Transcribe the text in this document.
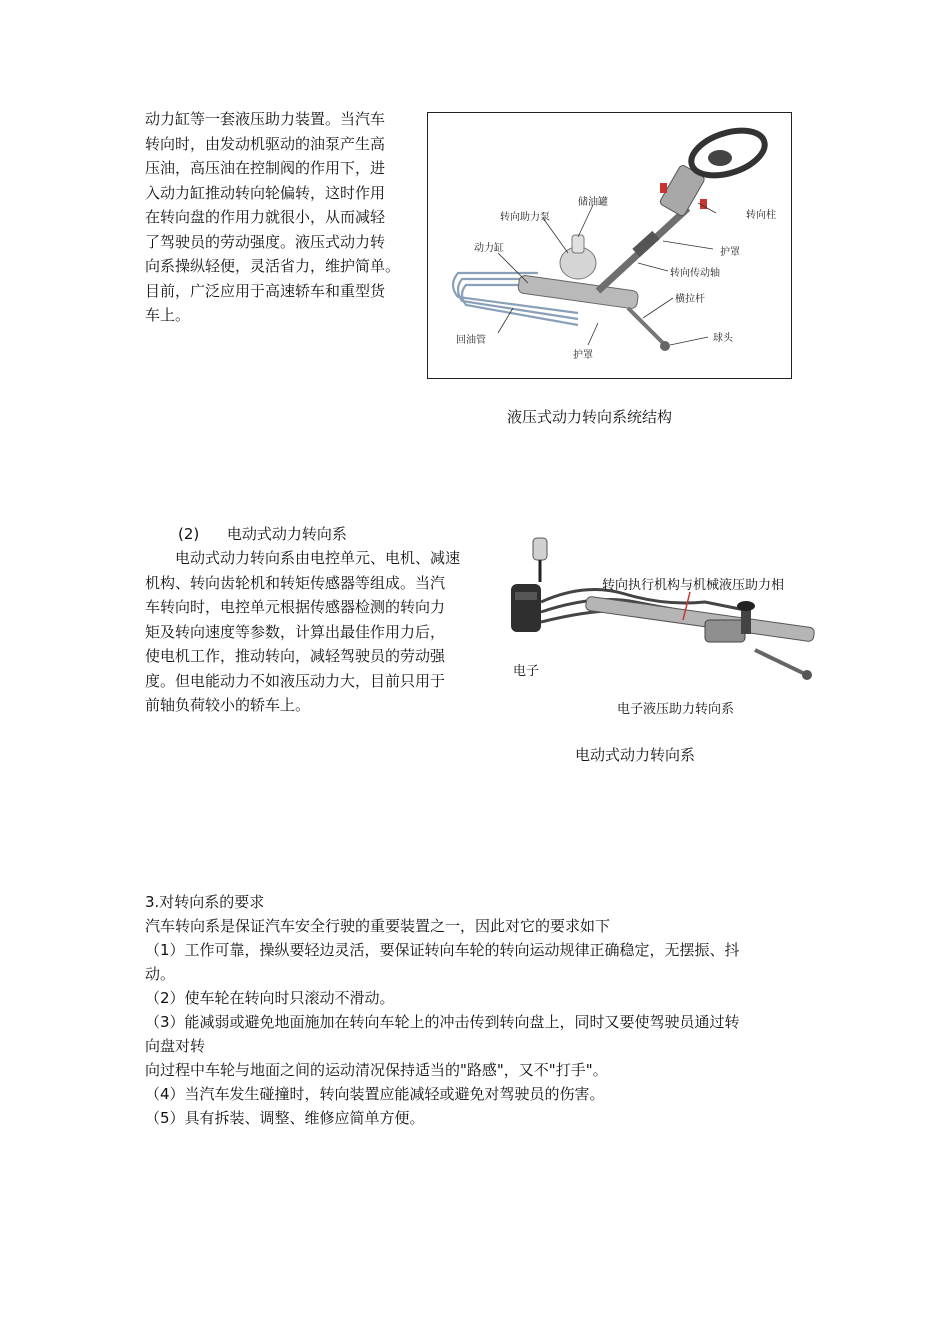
动力缸等一套液压助力装置。当汽车
转向时，由发动机驱动的油泵产生高
压油，高压油在控制阀的作用下，进
入动力缸推动转向轮偏转，这时作用
在转向盘的作用力就很小，从而减轻
了驾驶员的劳动强度。液压式动力转
向系操纵轻便，灵活省力，维护简单。
目前，广泛应用于高速轿车和重型货
车上。
储油罐
转向助力泵	转向柱
动力缸	护罩
转向传动轴
横拉杆
回油管	球头
护罩
液压式动力转向系统结构
(2) 电动式动力转向系
电动式动力转向系由电控单元、电机、减速
机构、转向齿轮机和转矩传感器等组成。当汽
车转向时，电控单元根据传感器检测的转向力
矩及转向速度等参数，计算出最佳作用力后，
使电机工作，推动转向，减轻驾驶员的劳动强
度。但电能动力不如液压动力大，目前只用于
前轴负荷较小的轿车上。
转向执行机构与机械液压助力相
电子
电子液压助力转向系
电动式动力转向系
3.对转向系的要求
汽车转向系是保证汽车安全行驶的重要装置之一，因此对它的要求如下
（1）工作可靠，操纵要轻边灵活，要保证转向车轮的转向运动规律正确稳定，无摆振、抖
动。
（2）使车轮在转向时只滚动不滑动。
（3）能减弱或避免地面施加在转向车轮上的冲击传到转向盘上，同时又要使驾驶员通过转
向盘对转
向过程中车轮与地面之间的运动清况保持适当的"路感"，又不"打手"。
（4）当汽车发生碰撞时，转向装置应能减轻或避免对驾驶员的伤害。
（5）具有拆装、调整、维修应简单方便。
